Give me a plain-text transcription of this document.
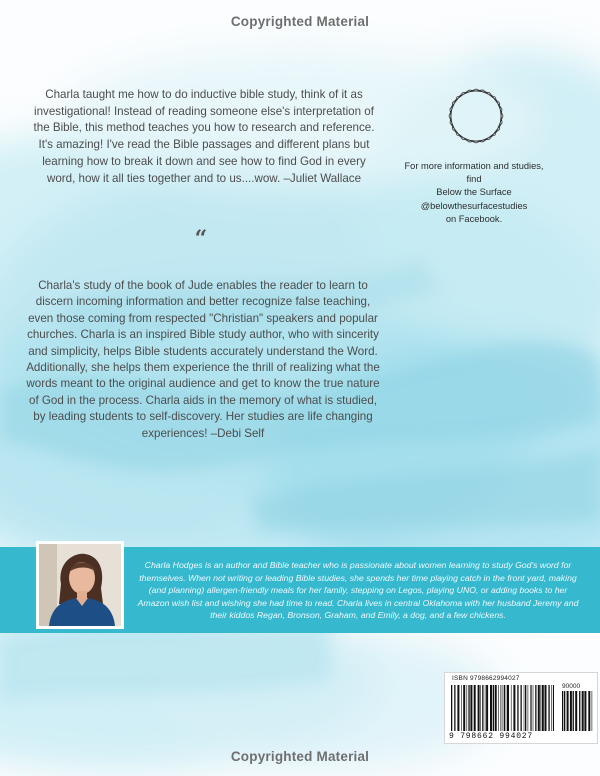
Copyrighted Material
Charla taught me how to do inductive bible study, think of it as investigational! Instead of reading someone else's interpretation of the Bible, this method teaches you how to research and reference. It's amazing! I've read the Bible passages and different plans but learning how to break it down and see how to find God in every word, how it all ties together and to us....wow. –Juliet Wallace
“
Charla's study of the book of Jude enables the reader to learn to discern incoming information and better recognize false teaching, even those coming from respected "Christian" speakers and popular churches. Charla is an inspired Bible study author, who with sincerity and simplicity, helps Bible students accurately understand the Word. Additionally, she helps them experience the thrill of realizing what the words meant to the original audience and get to know the true nature of God in the process. Charla aids in the memory of what is studied, by leading students to self-discovery. Her studies are life changing experiences! –Debi Self
For more information and studies, find
Below the Surface
@belowthesurfacestudies
on Facebook.
Charla Hodges is an author and Bible teacher who is passionate about women learning to study God's word for themselves. When not writing or leading Bible studies, she spends her time playing catch in the front yard, making (and planning) allergen-friendly meals for her family, stepping on Legos, playing UNO, or adding books to her Amazon wish list and wishing she had time to read. Charla lives in central Oklahoma with her husband Jeremy and their kiddos Regan, Bronson, Graham, and Emily, a dog, and a few chickens.
ISBN 9798662994027
90000
9 798662 994027
Copyrighted Material
